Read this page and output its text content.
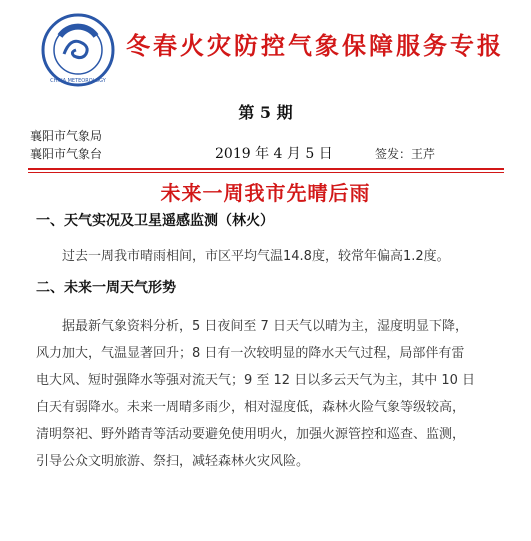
CHINA METEOROLOGY
冬春火灾防控气象保障服务专报
第 5 期
襄阳市气象局
襄阳市气象台	2019 年 4 月 5 日	签发：王芹
未来一周我市先晴后雨
一、天气实况及卫星遥感监测（林火）
过去一周我市晴雨相间，市区平均气温14.8度，较常年偏高1.2度。
二、未来一周天气形势
据最新气象资料分析，5 日夜间至 7 日天气以晴为主，湿度明显下降，
风力加大，气温显著回升；8 日有一次较明显的降水天气过程，局部伴有雷
电大风、短时强降水等强对流天气；9 至 12 日以多云天气为主，其中 10 日
白天有弱降水。未来一周晴多雨少，相对湿度低，森林火险气象等级较高，
清明祭祀、野外踏青等活动要避免使用明火，加强火源管控和巡查、监测，
引导公众文明旅游、祭扫，减轻森林火灾风险。
